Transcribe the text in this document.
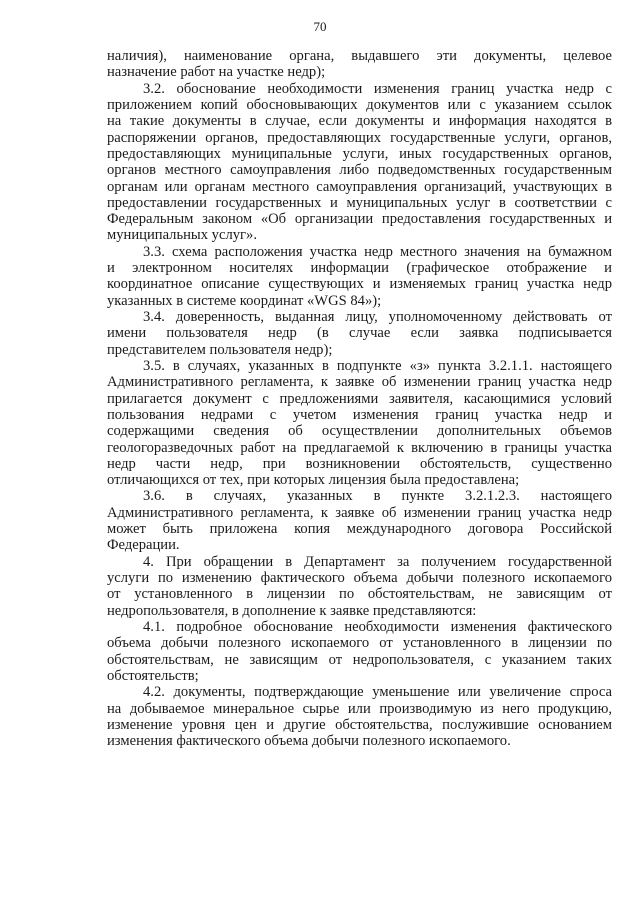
70
наличия), наименование органа, выдавшего эти документы, целевое
назначение работ на участке недр);
3.2. обоснование необходимости изменения границ участка недр с
приложением копий обосновывающих документов или с указанием ссылок
на такие документы в случае, если документы и информация находятся в
распоряжении органов, предоставляющих государственные услуги, органов,
предоставляющих муниципальные услуги, иных государственных органов,
органов местного самоуправления либо подведомственных государственным
органам или органам местного самоуправления организаций, участвующих в
предоставлении государственных и муниципальных услуг в соответствии с
Федеральным законом «Об организации предоставления государственных и
муниципальных услуг».
3.3. схема расположения участка недр местного значения на бумажном
и электронном носителях информации (графическое отображение и
координатное описание существующих и изменяемых границ участка недр
указанных в системе координат «WGS 84»);
3.4. доверенность, выданная лицу, уполномоченному действовать от
имени пользователя недр (в случае если заявка подписывается
представителем пользователя недр);
3.5. в случаях, указанных в подпункте «з» пункта 3.2.1.1. настоящего
Административного регламента, к заявке об изменении границ участка недр
прилагается документ с предложениями заявителя, касающимися условий
пользования недрами с учетом изменения границ участка недр и
содержащими сведения об осуществлении дополнительных объемов
геологоразведочных работ на предлагаемой к включению в границы участка
недр части недр, при возникновении обстоятельств, существенно
отличающихся от тех, при которых лицензия была предоставлена;
3.6. в случаях, указанных в пункте 3.2.1.2.3. настоящего
Административного регламента, к заявке об изменении границ участка недр
может быть приложена копия международного договора Российской
Федерации.
4. При обращении в Департамент за получением государственной
услуги по изменению фактического объема добычи полезного ископаемого
от установленного в лицензии по обстоятельствам, не зависящим от
недропользователя, в дополнение к заявке представляются:
4.1. подробное обоснование необходимости изменения фактического
объема добычи полезного ископаемого от установленного в лицензии по
обстоятельствам, не зависящим от недропользователя, с указанием таких
обстоятельств;
4.2. документы, подтверждающие уменьшение или увеличение спроса
на добываемое минеральное сырье или производимую из него продукцию,
изменение уровня цен и другие обстоятельства, послужившие основанием
изменения фактического объема добычи полезного ископаемого.
